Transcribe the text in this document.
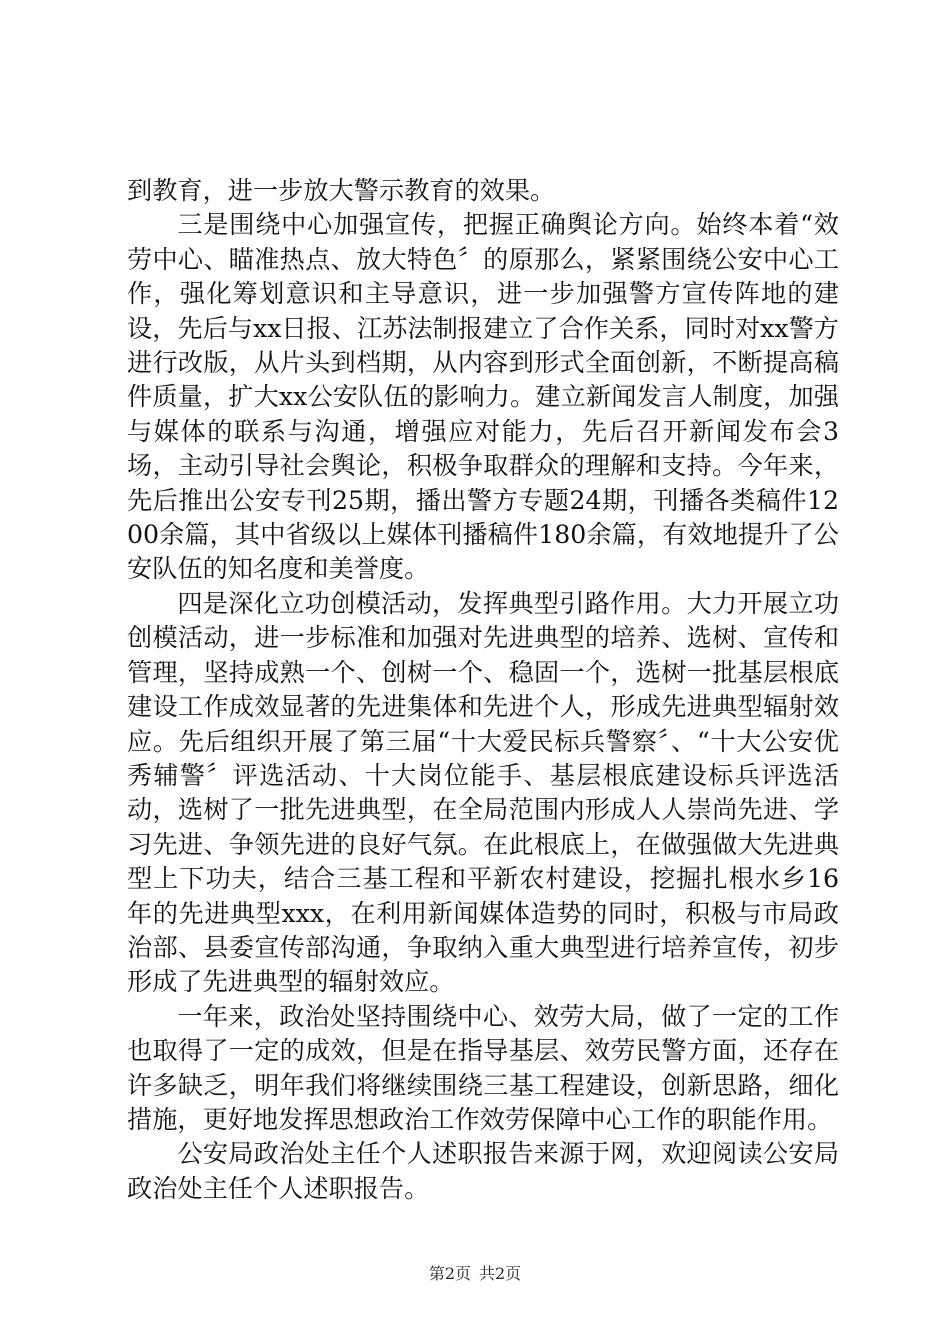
到教育，进一步放大警示教育的效果。

三是围绕中心加强宣传，把握正确舆论方向。始终本着“效劳中心、瞄准热点、放大特色〞的原那么，紧紧围绕公安中心工作，强化筹划意识和主导意识，进一步加强警方宣传阵地的建设，先后与xx日报、江苏法制报建立了合作关系，同时对xx警方进行改版，从片头到档期，从内容到形式全面创新，不断提高稿件质量，扩大xx公安队伍的影响力。建立新闻发言人制度，加强与媒体的联系与沟通，增强应对能力，先后召开新闻发布会3场，主动引导社会舆论，积极争取群众的理解和支持。今年来，先后推出公安专刊25期，播出警方专题24期，刊播各类稿件1200余篇，其中省级以上媒体刊播稿件180余篇，有效地提升了公安队伍的知名度和美誉度。

四是深化立功创模活动，发挥典型引路作用。大力开展立功创模活动，进一步标准和加强对先进典型的培养、选树、宣传和管理，坚持成熟一个、创树一个、稳固一个，选树一批基层根底建设工作成效显著的先进集体和先进个人，形成先进典型辐射效应。先后组织开展了第三届“十大爱民标兵警察〞、“十大公安优秀辅警〞评选活动、十大岗位能手、基层根底建设标兵评选活动，选树了一批先进典型，在全局范围内形成人人崇尚先进、学习先进、争领先进的良好气氛。在此根底上，在做强做大先进典型上下功夫，结合三基工程和平新农村建设，挖掘扎根水乡16年的先进典型xxx，在利用新闻媒体造势的同时，积极与市局政治部、县委宣传部沟通，争取纳入重大典型进行培养宣传，初步形成了先进典型的辐射效应。

一年来，政治处坚持围绕中心、效劳大局，做了一定的工作也取得了一定的成效，但是在指导基层、效劳民警方面，还存在许多缺乏，明年我们将继续围绕三基工程建设，创新思路，细化措施，更好地发挥思想政治工作效劳保障中心工作的职能作用。

公安局政治处主任个人述职报告来源于网，欢迎阅读公安局政治处主任个人述职报告。

第2页 共2页
